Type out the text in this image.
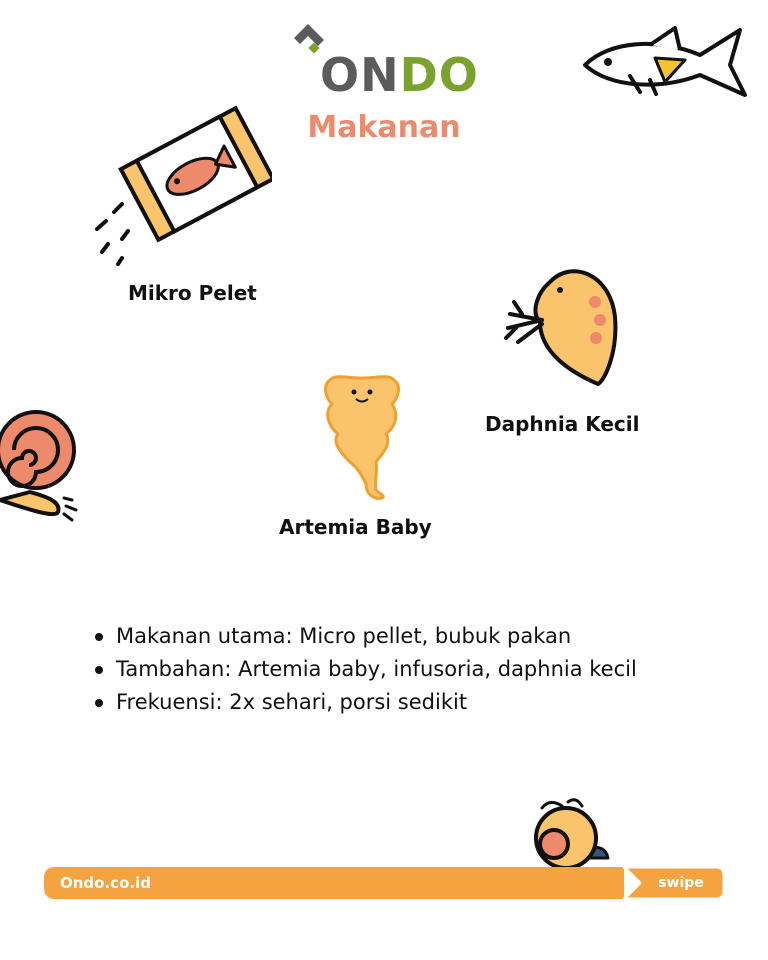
ONDO
Makanan
Mikro Pelet
Daphnia Kecil
Artemia Baby
Makanan utama: Micro pellet, bubuk pakan
Tambahan: Artemia baby, infusoria, daphnia kecil
Frekuensi: 2x sehari, porsi sedikit
Ondo.co.id	swipe
